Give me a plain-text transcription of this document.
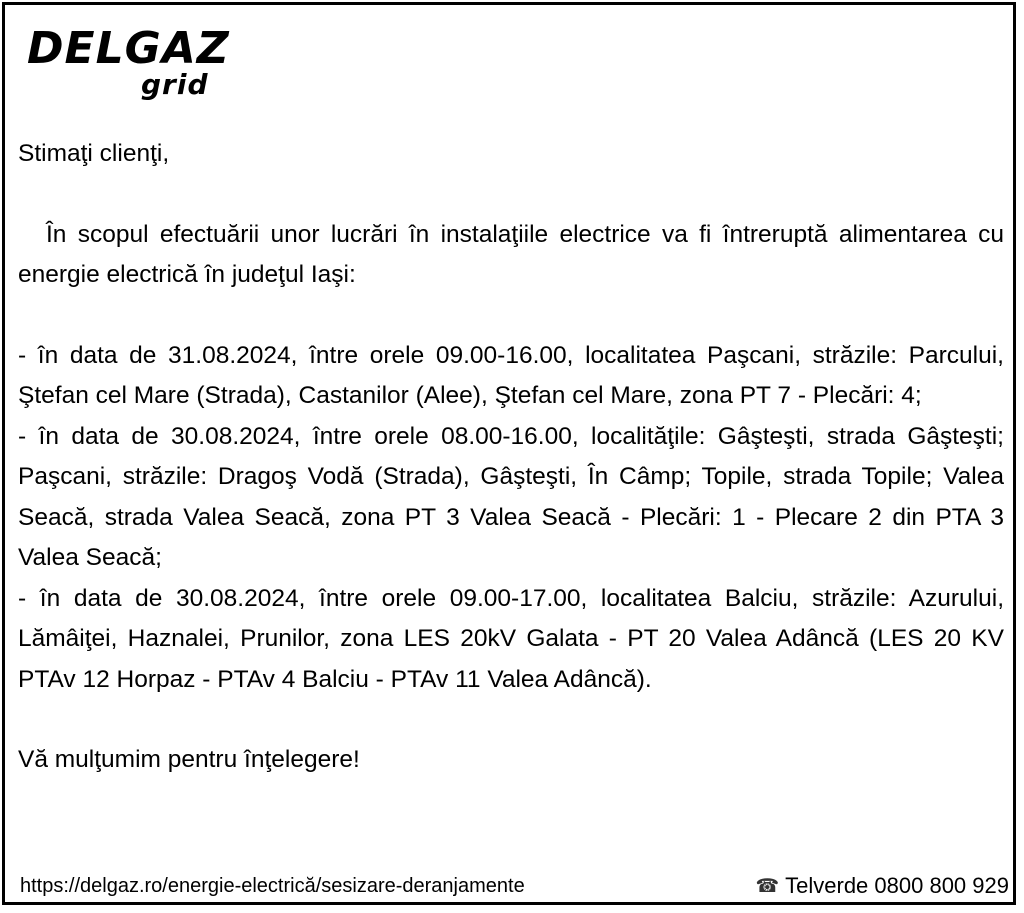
DELGAZ
grid

Stimaţi clienţi,

În scopul efectuării unor lucrări în instalaţiile electrice va fi întreruptă alimentarea cu energie electrică în judeţul Iaşi:

- în data de 31.08.2024, între orele 09.00-16.00, localitatea Paşcani, străzile: Parcului, Ştefan cel Mare (Strada), Castanilor (Alee), Ştefan cel Mare, zona PT 7 - Plecări: 4;

- în data de 30.08.2024, între orele 08.00-16.00, localităţile: Gâşteşti, strada Gâşteşti; Paşcani, străzile: Dragoş Vodă (Strada), Gâşteşti, În Câmp; Topile, strada Topile; Valea Seacă, strada Valea Seacă, zona PT 3 Valea Seacă - Plecări: 1 - Plecare 2 din PTA 3 Valea Seacă;

- în data de 30.08.2024, între orele 09.00-17.00, localitatea Balciu, străzile: Azurului, Lămâiţei, Haznalei, Prunilor, zona LES 20kV Galata - PT 20 Valea Adâncă (LES 20 KV PTAv 12 Horpaz - PTAv 4 Balciu - PTAv 11 Valea Adâncă).

Vă mulţumim pentru înţelegere!

https://delgaz.ro/energie-electrică/sesizare-deranjamente	☎ Telverde 0800 800 929
